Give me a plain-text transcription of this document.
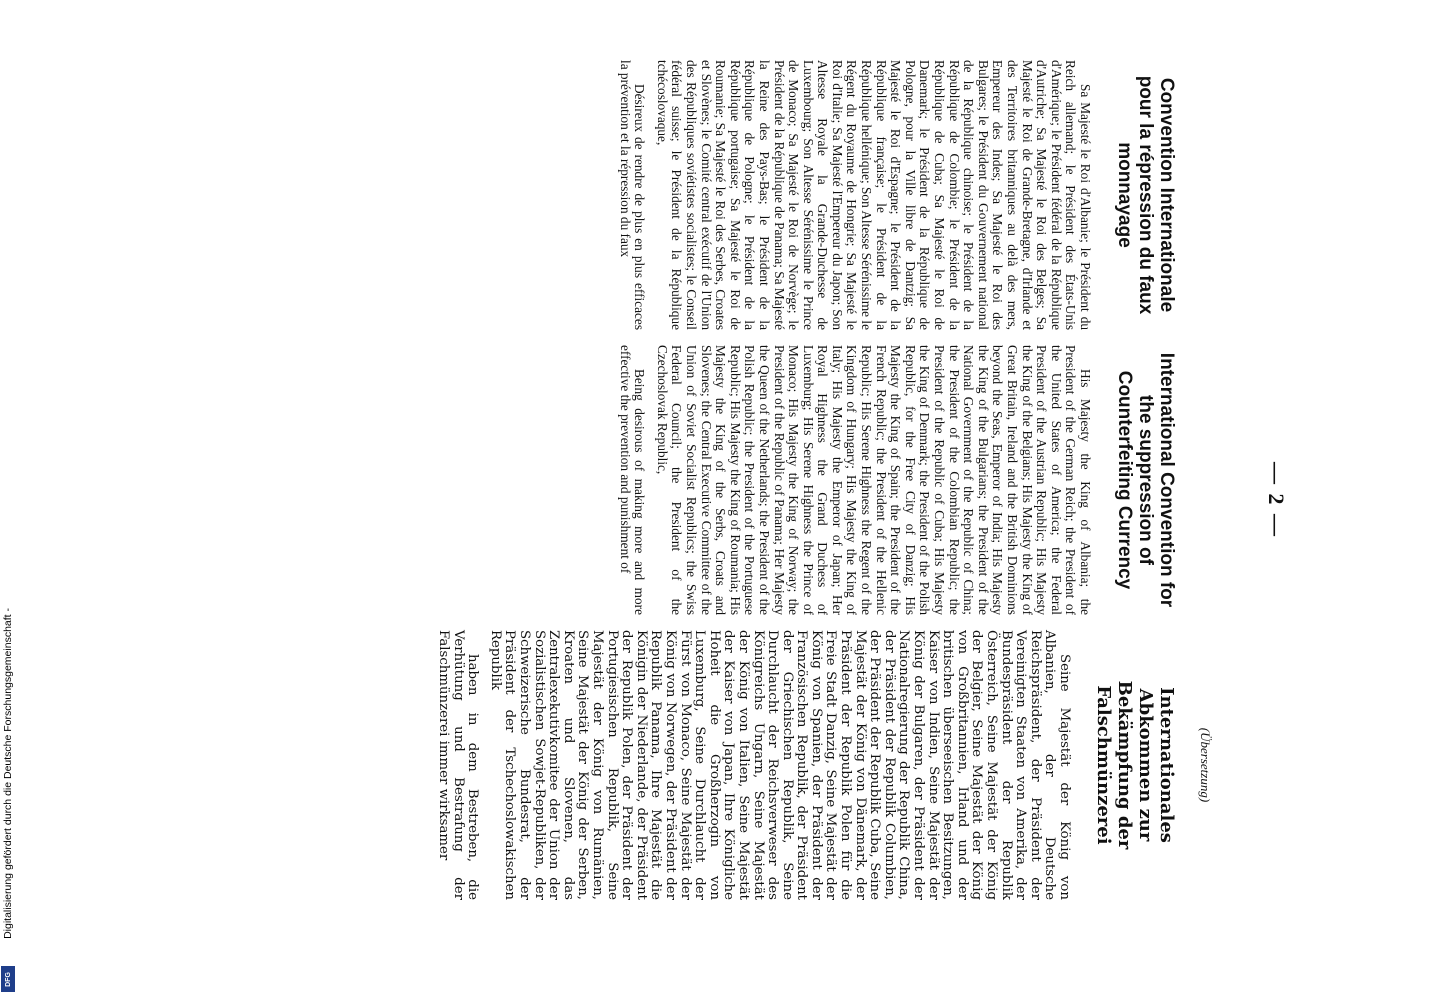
— 2 —
(Übersetzung)
Convention Internationale pour la répression du faux monnayage

Sa Majesté le Roi d'Albanie; le Président du Reich allemand; le Président des États-Unis d'Amérique; le Président fédéral de la République d'Autriche; Sa Majesté le Roi des Belges; Sa Majesté le Roi de Grande-Bretagne, d'Irlande et des Territoires britanniques au delà des mers, Empereur des Indes; Sa Majesté le Roi des Bulgares; le Président du Gouvernement national de la République chinoise; le Président de la République de Colombie; le Président de la République de Cuba; Sa Majesté le Roi de Danemark; le Président de la République de Pologne, pour la Ville libre de Dantzig; Sa Majesté le Roi d'Espagne; le Président de la République française; le Président de la République hellénique; Son Altesse Sérénissime le Régent du Royaume de Hongrie; Sa Majesté le Roi d'Italie; Sa Majesté l'Empereur du Japon; Son Altesse Royale la Grande-Duchesse de Luxembourg; Son Altesse Sérénissime le Prince de Monaco; Sa Majesté le Roi de Norvège; le Président de la République de Panama; Sa Majesté la Reine des Pays-Bas; le Président de la République de Pologne; le Président de la République portugaise; Sa Majesté le Roi de Roumanie; Sa Majesté le Roi des Serbes, Croates et Slovènes; le Comité central exécutif de l'Union des Républiques soviétistes socialistes; le Conseil fédéral suisse; le Président de la République tchécoslovaque,

Désireux de rendre de plus en plus efficaces la prévention et la répression du faux

International Convention for the suppression of Counterfeiting Currency

His Majesty the King of Albania; the President of the German Reich; the President of the United States of America; the Federal President of the Austrian Republic; His Majesty the King of the Belgians; His Majesty the King of Great Britain, Ireland and the British Dominions beyond the Seas, Emperor of India; His Majesty the King of the Bulgarians; the President of the National Government of the Republic of China; the President of the Colombian Republic; the President of the Republic of Cuba; His Majesty the King of Denmark; the President of the Polish Republic, for the Free City of Danzig; His Majesty the King of Spain; the President of the French Republic; the President of the Hellenic Republic; His Serene Highness the Regent of the Kingdom of Hungary; His Majesty the King of Italy; His Majesty the Emperor of Japan; Her Royal Highness the Grand Duchess of Luxemburg; His Serene Highness the Prince of Monaco; His Majesty the King of Norway; the President of the Republic of Panama; Her Majesty the Queen of the Netherlands; the President of the Polish Republic; the President of the Portuguese Republic; His Majesty the King of Roumania; His Majesty the King of the Serbs, Croats and Slovenes; the Central Executive Committee of the Union of Soviet Socialist Republics; the Swiss Federal Council; the President of the Czechoslovak Republic,

Being desirous of making more and more effective the prevention and punishment of

Internationales Abkommen zur Bekämpfung der Falschmünzerei

Seine Majestät der König von Albanien, der Deutsche Reichspräsident, der Präsident der Vereinigten Staaten von Amerika, der Bundespräsident der Republik Österreich, Seine Majestät der König der Belgier, Seine Majestät der König von Großbritannien, Irland und der britischen überseeischen Besitzungen, Kaiser von Indien, Seine Majestät der König der Bulgaren, der Präsident der Nationalregierung der Republik China, der Präsident der Republik Columbien, der Präsident der Republik Cuba, Seine Majestät der König von Dänemark, der Präsident der Republik Polen für die Freie Stadt Danzig, Seine Majestät der König von Spanien, der Präsident der Französischen Republik, der Präsident der Griechischen Republik, Seine Durchlaucht der Reichsverweser des Königreichs Ungarn, Seine Majestät der König von Italien, Seine Majestät der Kaiser von Japan, Ihre Königliche Hoheit die Großherzogin von Luxemburg, Seine Durchlaucht der Fürst von Monaco, Seine Majestät der König von Norwegen, der Präsident der Republik Panama, Ihre Majestät die Königin der Niederlande, der Präsident der Republik Polen, der Präsident der Portugiesischen Republik, Seine Majestät der König von Rumänien, Seine Majestät der König der Serben, Kroaten und Slovenen, das Zentralexekutivkomitee der Union der Sozialistischen Sowjet-Republiken, der Schweizerische Bundesrat, der Präsident der Tschechoslowakischen Republik

haben in dem Bestreben, die Verhütung und Bestrafung der Falschmünzerei immer wirksamer

Digitalisierung gefördert durch die Deutsche Forschungsgemeinschaft -
DFG
